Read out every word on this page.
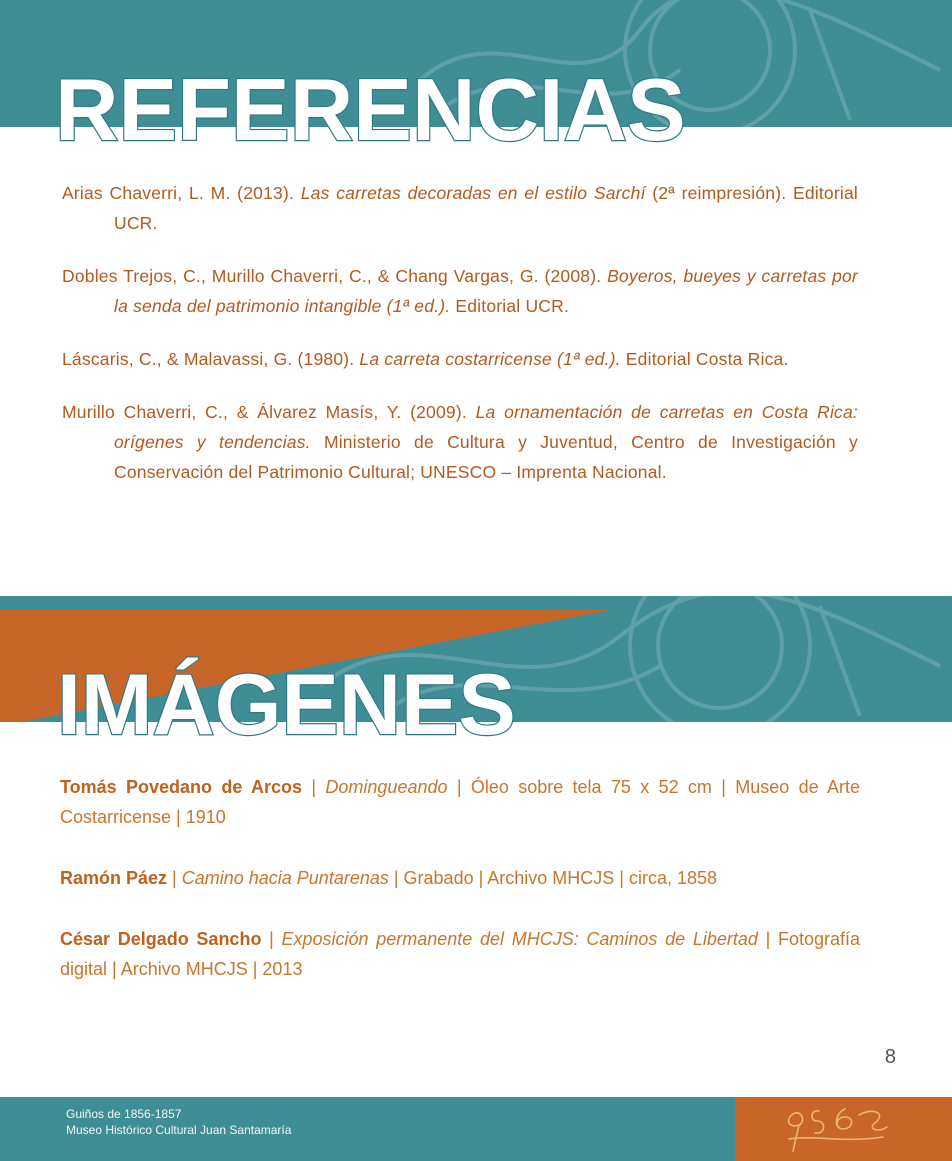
REFERENCIAS

Arias Chaverri, L. M. (2013). Las carretas decoradas en el estilo Sarchí (2ª reimpresión). Editorial UCR.

Dobles Trejos, C., Murillo Chaverri, C., & Chang Vargas, G. (2008). Boyeros, bueyes y carretas por la senda del patrimonio intangible (1ª ed.). Editorial UCR.

Láscaris, C., & Malavassi, G. (1980). La carreta costarricense (1ª ed.). Editorial Costa Rica.

Murillo Chaverri, C., & Álvarez Masís, Y. (2009). La ornamentación de carretas en Costa Rica: orígenes y tendencias. Ministerio de Cultura y Juventud, Centro de Investigación y Conservación del Patrimonio Cultural; UNESCO – Imprenta Nacional.

IMÁGENES

Tomás Povedano de Arcos | Domingueando | Óleo sobre tela 75 x 52 cm | Museo de Arte Costarricense | 1910

Ramón Páez | Camino hacia Puntarenas | Grabado | Archivo MHCJS | circa, 1858

César Delgado Sancho | Exposición permanente del MHCJS: Caminos de Libertad | Fotografía digital | Archivo MHCJS | 2013

8
Guiños de 1856-1857
Museo Histórico Cultural Juan Santamaría
